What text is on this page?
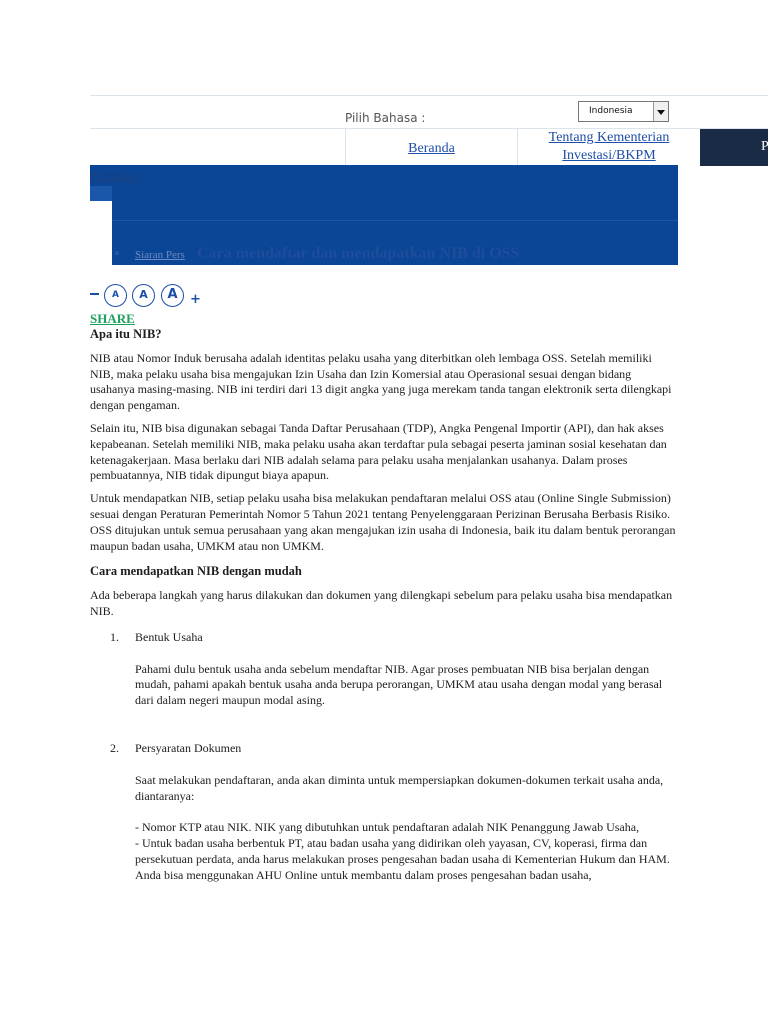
Pilih Bahasa :	Indonesia
Beranda
Tentang Kementerian Investasi/BKPM
P
Publikasi
Siaran Pers Cara mendaftar dan mendapatkan NIB di OSS
A	A	A +
SHARE
Apa itu NIB?

NIB atau Nomor Induk berusaha adalah identitas pelaku usaha yang diterbitkan oleh lembaga OSS. Setelah memiliki NIB, maka pelaku usaha bisa mengajukan Izin Usaha dan Izin Komersial atau Operasional sesuai dengan bidang usahanya masing-masing. NIB ini terdiri dari 13 digit angka yang juga merekam tanda tangan elektronik serta dilengkapi dengan pengaman.

Selain itu, NIB bisa digunakan sebagai Tanda Daftar Perusahaan (TDP), Angka Pengenal Importir (API), dan hak akses kepabeanan. Setelah memiliki NIB, maka pelaku usaha akan terdaftar pula sebagai peserta jaminan sosial kesehatan dan ketenagakerjaan. Masa berlaku dari NIB adalah selama para pelaku usaha menjalankan usahanya. Dalam proses pembuatannya, NIB tidak dipungut biaya apapun.

Untuk mendapatkan NIB, setiap pelaku usaha bisa melakukan pendaftaran melalui OSS atau (Online Single Submission) sesuai dengan Peraturan Pemerintah Nomor 5 Tahun 2021 tentang Penyelenggaraan Perizinan Berusaha Berbasis Risiko. OSS ditujukan untuk semua perusahaan yang akan mengajukan izin usaha di Indonesia, baik itu dalam bentuk perorangan maupun badan usaha, UMKM atau non UMKM.

Cara mendapatkan NIB dengan mudah

Ada beberapa langkah yang harus dilakukan dan dokumen yang dilengkapi sebelum para pelaku usaha bisa mendapatkan NIB.

1. Bentuk Usaha
Pahami dulu bentuk usaha anda sebelum mendaftar NIB. Agar proses pembuatan NIB bisa berjalan dengan mudah, pahami apakah bentuk usaha anda berupa perorangan, UMKM atau usaha dengan modal yang berasal dari dalam negeri maupun modal asing.
2. Persyaratan Dokumen
Saat melakukan pendaftaran, anda akan diminta untuk mempersiapkan dokumen-dokumen terkait usaha anda, diantaranya:
- Nomor KTP atau NIK. NIK yang dibutuhkan untuk pendaftaran adalah NIK Penanggung Jawab Usaha,
- Untuk badan usaha berbentuk PT, atau badan usaha yang didirikan oleh yayasan, CV, koperasi, firma dan persekutuan perdata, anda harus melakukan proses pengesahan badan usaha di Kementerian Hukum dan HAM. Anda bisa menggunakan AHU Online untuk membantu dalam proses pengesahan badan usaha,
